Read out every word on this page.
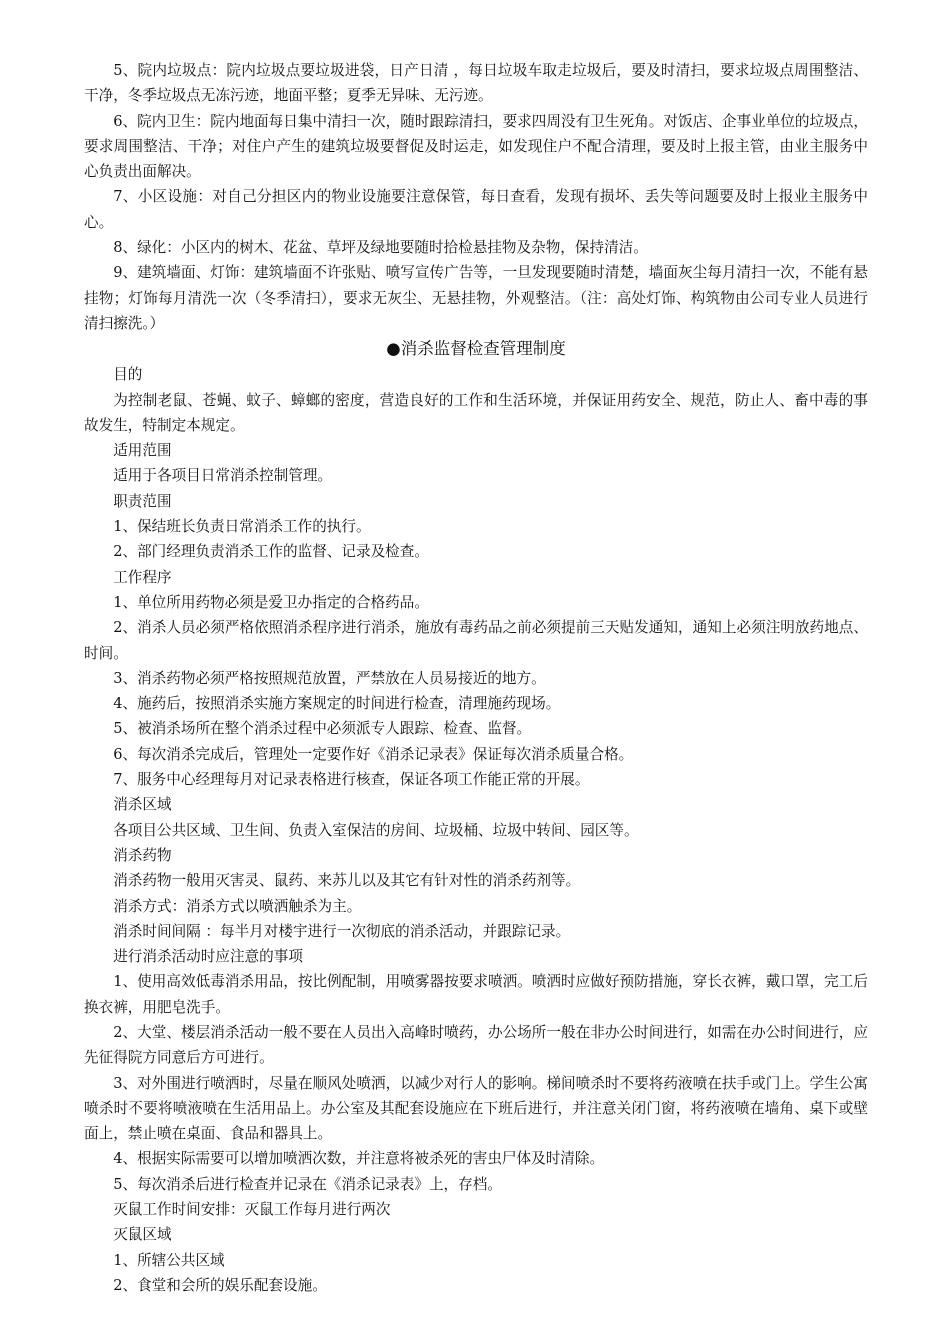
5、院内垃圾点：院内垃圾点要垃圾进袋，日产日清 ，每日垃圾车取走垃圾后，要及时清扫，要求垃圾点周围整洁、干净，冬季垃圾点无冻污迹，地面平整；夏季无异味、无污迹。

6、院内卫生：院内地面每日集中清扫一次，随时跟踪清扫，要求四周没有卫生死角。对饭店、企事业单位的垃圾点，要求周围整洁、干净；对住户产生的建筑垃圾要督促及时运走，如发现住户不配合清理，要及时上报主管，由业主服务中心负责出面解决。

7、小区设施：对自己分担区内的物业设施要注意保管，每日查看，发现有损坏、丢失等问题要及时上报业主服务中心。

8、绿化：小区内的树木、花盆、草坪及绿地要随时拾检悬挂物及杂物，保持清洁。

9、建筑墙面、灯饰：建筑墙面不许张贴、喷写宣传广告等，一旦发现要随时清楚，墙面灰尘每月清扫一次，不能有悬挂物；灯饰每月清洗一次（冬季清扫），要求无灰尘、无悬挂物，外观整洁。（注：高处灯饰、构筑物由公司专业人员进行清扫擦洗。）

●消杀监督检查管理制度

目的

为控制老鼠、苍蝇、蚊子、蟑螂的密度，营造良好的工作和生活环境，并保证用药安全、规范，防止人、畜中毒的事故发生，特制定本规定。

适用范围

适用于各项目日常消杀控制管理。

职责范围

1、保结班长负责日常消杀工作的执行。

2、部门经理负责消杀工作的监督、记录及检查。

工作程序

1、单位所用药物必须是爱卫办指定的合格药品。

2、消杀人员必须严格依照消杀程序进行消杀，施放有毒药品之前必须提前三天贴发通知，通知上必须注明放药地点、时间。

3、消杀药物必须严格按照规范放置，严禁放在人员易接近的地方。

4、施药后，按照消杀实施方案规定的时间进行检查，清理施药现场。

5、被消杀场所在整个消杀过程中必须派专人跟踪、检查、监督。

6、每次消杀完成后，管理处一定要作好《消杀记录表》保证每次消杀质量合格。

7、服务中心经理每月对记录表格进行核查，保证各项工作能正常的开展。

消杀区域

各项目公共区域、卫生间、负责入室保洁的房间、垃圾桶、垃圾中转间、园区等。

消杀药物

消杀药物一般用灭害灵、鼠药、来苏儿以及其它有针对性的消杀药剂等。

消杀方式：消杀方式以喷洒触杀为主。

消杀时间间隔 ：每半月对楼宇进行一次彻底的消杀活动，并跟踪记录。

进行消杀活动时应注意的事项

1、使用高效低毒消杀用品，按比例配制，用喷雾器按要求喷洒。喷洒时应做好预防措施，穿长衣裤，戴口罩，完工后换衣裤，用肥皂洗手。

2、大堂、楼层消杀活动一般不要在人员出入高峰时喷药，办公场所一般在非办公时间进行，如需在办公时间进行，应先征得院方同意后方可进行。

3、对外围进行喷洒时，尽量在顺风处喷洒，以减少对行人的影响。梯间喷杀时不要将药液喷在扶手或门上。学生公寓喷杀时不要将喷液喷在生活用品上。办公室及其配套设施应在下班后进行，并注意关闭门窗，将药液喷在墙角、桌下或壁面上，禁止喷在桌面、食品和器具上。

4、根据实际需要可以增加喷洒次数，并注意将被杀死的害虫尸体及时清除。

5、每次消杀后进行检查并记录在《消杀记录表》上，存档。

灭鼠工作时间安排：灭鼠工作每月进行两次

灭鼠区域

1、所辖公共区域

2、食堂和会所的娱乐配套设施。
